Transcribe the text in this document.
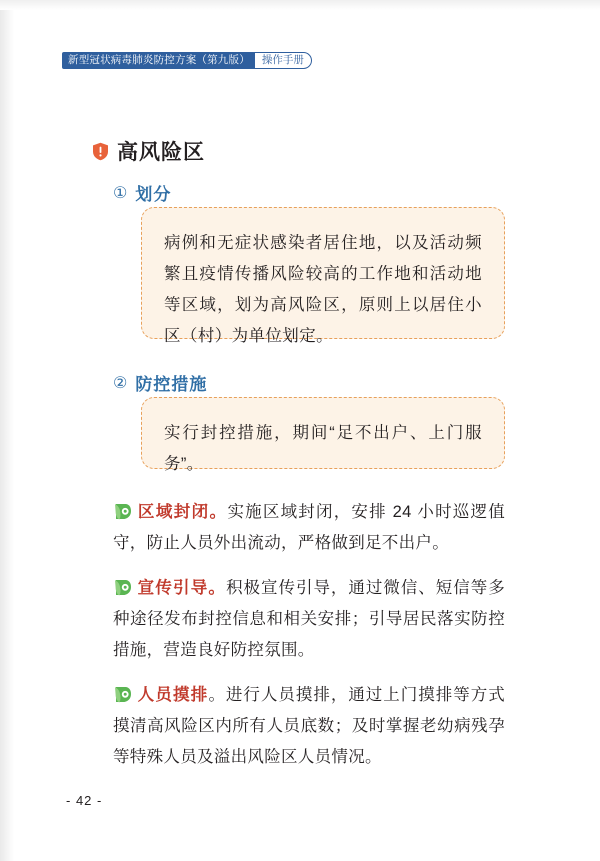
新型冠状病毒肺炎防控方案（第九版）	操作手册
高风险区
① 划分
病例和无症状感染者居住地，以及活动频繁且疫情传播风险较高的工作地和活动地等区域，划为高风险区，原则上以居住小区（村）为单位划定。
② 防控措施
实行封控措施，期间“足不出户、上门服务”。
区域封闭。实施区域封闭，安排 24 小时巡逻值守，防止人员外出流动，严格做到足不出户。
宣传引导。积极宣传引导，通过微信、短信等多种途径发布封控信息和相关安排；引导居民落实防控措施，营造良好防控氛围。
人员摸排。进行人员摸排，通过上门摸排等方式摸清高风险区内所有人员底数；及时掌握老幼病残孕等特殊人员及溢出风险区人员情况。
- 42 -
